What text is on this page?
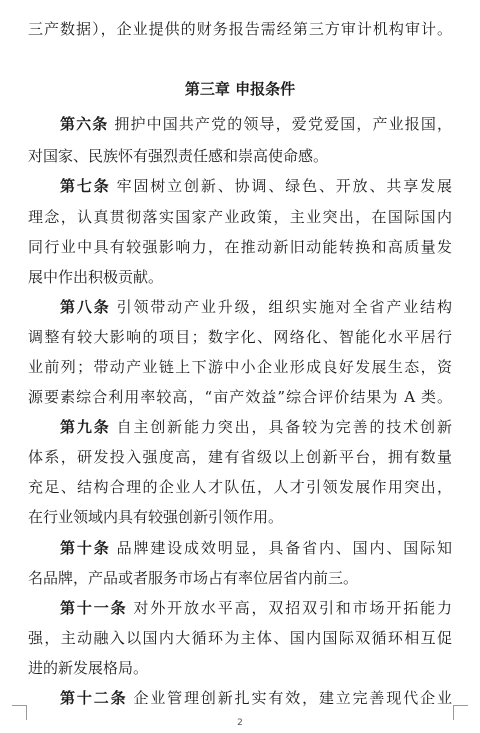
三产数据），企业提供的财务报告需经第三方审计机构审计。
第三章 申报条件
第六条 拥护中国共产党的领导，爱党爱国，产业报国，
对国家、民族怀有强烈责任感和崇高使命感。
第七条 牢固树立创新、协调、绿色、开放、共享发展
理念，认真贯彻落实国家产业政策，主业突出，在国际国内
同行业中具有较强影响力，在推动新旧动能转换和高质量发
展中作出积极贡献。
第八条 引领带动产业升级，组织实施对全省产业结构
调整有较大影响的项目；数字化、网络化、智能化水平居行
业前列；带动产业链上下游中小企业形成良好发展生态，资
源要素综合利用率较高，“亩产效益”综合评价结果为 A 类。
第九条 自主创新能力突出，具备较为完善的技术创新
体系，研发投入强度高，建有省级以上创新平台，拥有数量
充足、结构合理的企业人才队伍，人才引领发展作用突出，
在行业领域内具有较强创新引领作用。
第十条 品牌建设成效明显，具备省内、国内、国际知
名品牌，产品或者服务市场占有率位居省内前三。
第十一条 对外开放水平高，双招双引和市场开拓能力
强，主动融入以国内大循环为主体、国内国际双循环相互促
进的新发展格局。
第十二条 企业管理创新扎实有效，建立完善现代企业
2
